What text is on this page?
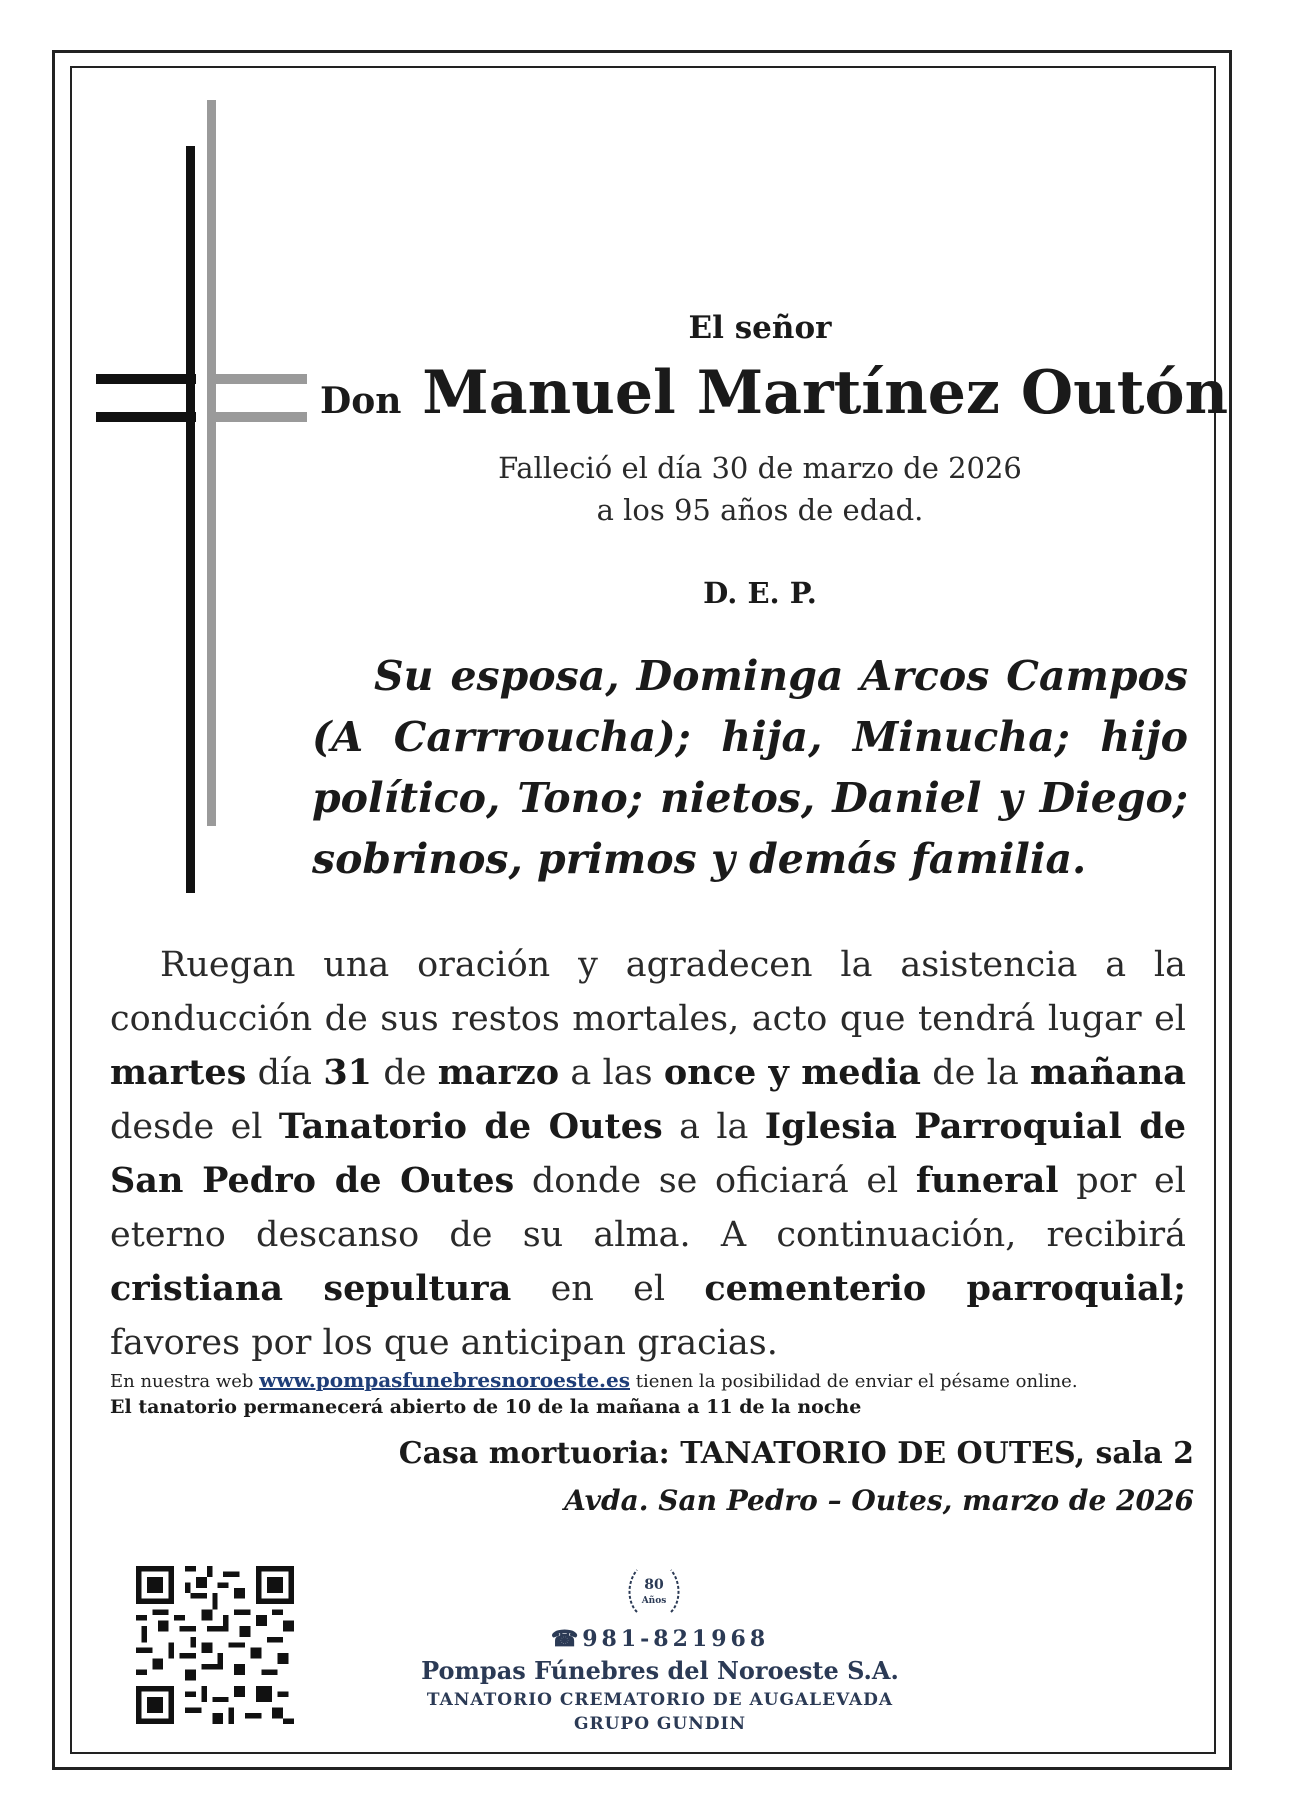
El señor
Don Manuel Martínez Outón
Falleció el día 30 de marzo de 2026
a los 95 años de edad.
D. E. P.
Su esposa, Dominga Arcos Campos (A Carrroucha); hija, Minucha; hijo político, Tono; nietos, Daniel y Diego; sobrinos, primos y demás familia.
Ruegan una oración y agradecen la asistencia a la conducción de sus restos mortales, acto que tendrá lugar el martes día 31 de marzo a las once y media de la mañana desde el Tanatorio de Outes a la Iglesia Parroquial de San Pedro de Outes donde se oficiará el funeral por el eterno descanso de su alma. A continuación, recibirá cristiana sepultura en el cementerio parroquial; favores por los que anticipan gracias.
En nuestra web www.pompasfunebresnoroeste.es tienen la posibilidad de enviar el pésame online.
El tanatorio permanecerá abierto de 10 de la mañana a 11 de la noche
Casa mortuoria: TANATORIO DE OUTES, sala 2
Avda. San Pedro – Outes, marzo de 2026
80
Años
☎981-821968
Pompas Fúnebres del Noroeste S.A.
TANATORIO CREMATORIO DE AUGALEVADA
GRUPO GUNDIN
